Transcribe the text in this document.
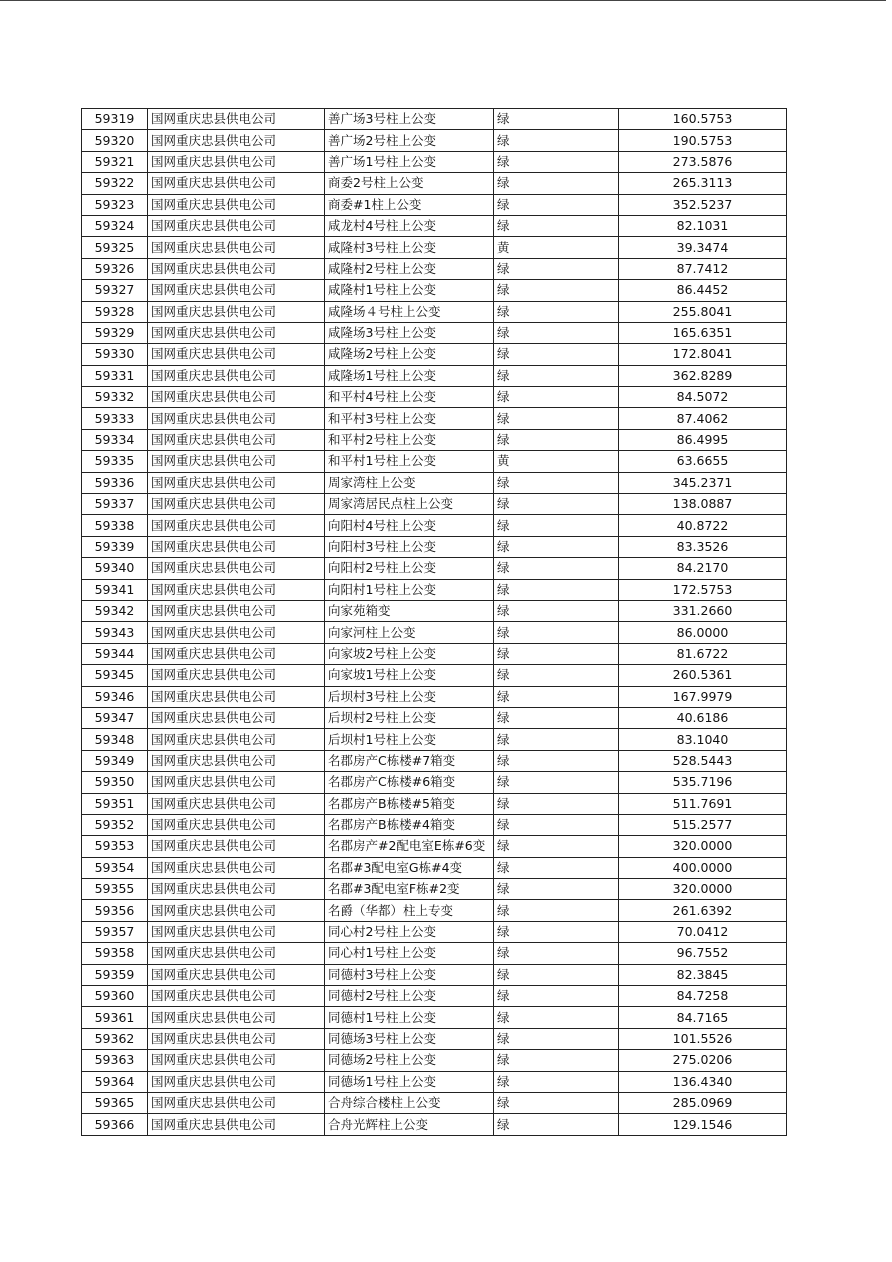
59319	国网重庆忠县供电公司	善广场3号柱上公变	绿	160.5753
59320	国网重庆忠县供电公司	善广场2号柱上公变	绿	190.5753
59321	国网重庆忠县供电公司	善广场1号柱上公变	绿	273.5876
59322	国网重庆忠县供电公司	商委2号柱上公变	绿	265.3113
59323	国网重庆忠县供电公司	商委#1柱上公变	绿	352.5237
59324	国网重庆忠县供电公司	咸龙村4号柱上公变	绿	82.1031
59325	国网重庆忠县供电公司	咸隆村3号柱上公变	黄	39.3474
59326	国网重庆忠县供电公司	咸隆村2号柱上公变	绿	87.7412
59327	国网重庆忠县供电公司	咸隆村1号柱上公变	绿	86.4452
59328	国网重庆忠县供电公司	咸隆场４号柱上公变	绿	255.8041
59329	国网重庆忠县供电公司	咸隆场3号柱上公变	绿	165.6351
59330	国网重庆忠县供电公司	咸隆场2号柱上公变	绿	172.8041
59331	国网重庆忠县供电公司	咸隆场1号柱上公变	绿	362.8289
59332	国网重庆忠县供电公司	和平村4号柱上公变	绿	84.5072
59333	国网重庆忠县供电公司	和平村3号柱上公变	绿	87.4062
59334	国网重庆忠县供电公司	和平村2号柱上公变	绿	86.4995
59335	国网重庆忠县供电公司	和平村1号柱上公变	黄	63.6655
59336	国网重庆忠县供电公司	周家湾柱上公变	绿	345.2371
59337	国网重庆忠县供电公司	周家湾居民点柱上公变	绿	138.0887
59338	国网重庆忠县供电公司	向阳村4号柱上公变	绿	40.8722
59339	国网重庆忠县供电公司	向阳村3号柱上公变	绿	83.3526
59340	国网重庆忠县供电公司	向阳村2号柱上公变	绿	84.2170
59341	国网重庆忠县供电公司	向阳村1号柱上公变	绿	172.5753
59342	国网重庆忠县供电公司	向家苑箱变	绿	331.2660
59343	国网重庆忠县供电公司	向家河柱上公变	绿	86.0000
59344	国网重庆忠县供电公司	向家坡2号柱上公变	绿	81.6722
59345	国网重庆忠县供电公司	向家坡1号柱上公变	绿	260.5361
59346	国网重庆忠县供电公司	后坝村3号柱上公变	绿	167.9979
59347	国网重庆忠县供电公司	后坝村2号柱上公变	绿	40.6186
59348	国网重庆忠县供电公司	后坝村1号柱上公变	绿	83.1040
59349	国网重庆忠县供电公司	名郡房产C栋楼#7箱变	绿	528.5443
59350	国网重庆忠县供电公司	名郡房产C栋楼#6箱变	绿	535.7196
59351	国网重庆忠县供电公司	名郡房产B栋楼#5箱变	绿	511.7691
59352	国网重庆忠县供电公司	名郡房产B栋楼#4箱变	绿	515.2577
59353	国网重庆忠县供电公司	名郡房产#2配电室E栋#6变	绿	320.0000
59354	国网重庆忠县供电公司	名郡#3配电室G栋#4变	绿	400.0000
59355	国网重庆忠县供电公司	名郡#3配电室F栋#2变	绿	320.0000
59356	国网重庆忠县供电公司	名爵（华都）柱上专变	绿	261.6392
59357	国网重庆忠县供电公司	同心村2号柱上公变	绿	70.0412
59358	国网重庆忠县供电公司	同心村1号柱上公变	绿	96.7552
59359	国网重庆忠县供电公司	同德村3号柱上公变	绿	82.3845
59360	国网重庆忠县供电公司	同德村2号柱上公变	绿	84.7258
59361	国网重庆忠县供电公司	同德村1号柱上公变	绿	84.7165
59362	国网重庆忠县供电公司	同德场3号柱上公变	绿	101.5526
59363	国网重庆忠县供电公司	同德场2号柱上公变	绿	275.0206
59364	国网重庆忠县供电公司	同德场1号柱上公变	绿	136.4340
59365	国网重庆忠县供电公司	合舟综合楼柱上公变	绿	285.0969
59366	国网重庆忠县供电公司	合舟光辉柱上公变	绿	129.1546
